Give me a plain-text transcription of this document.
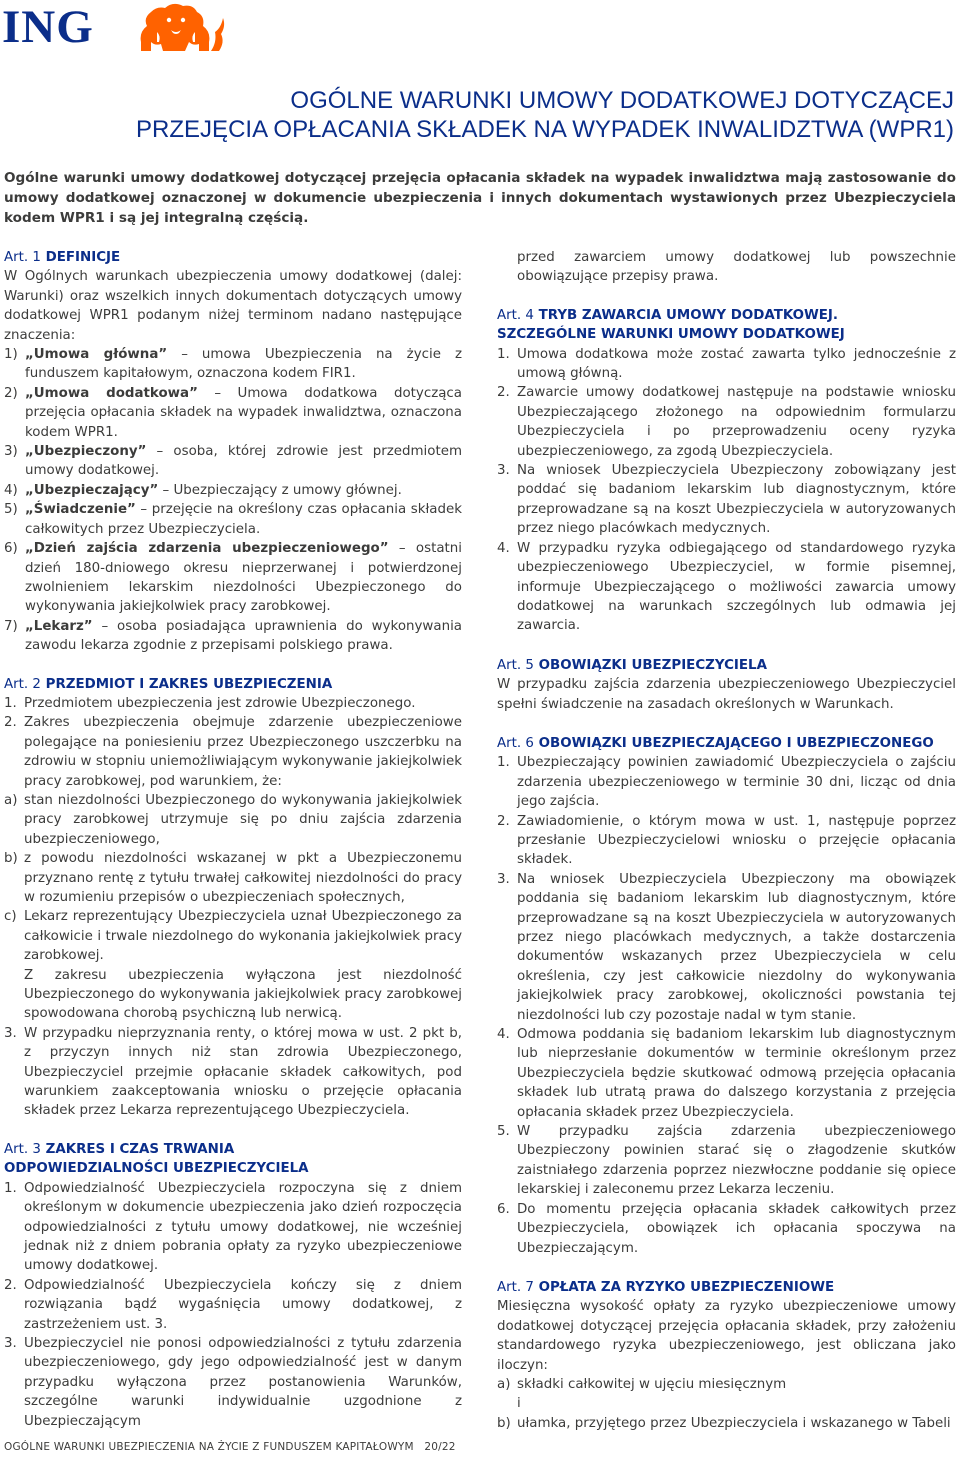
ING
OGÓLNE WARUNKI UMOWY DODATKOWEJ DOTYCZĄCEJ
PRZEJĘCIA OPŁACANIA SKŁADEK NA WYPADEK INWALIDZTWA (WPR1)

Ogólne warunki umowy dodatkowej dotyczącej przejęcia opłacania składek na wypadek inwalidztwa mają zastosowanie do umowy dodatkowej oznaczonej w dokumencie ubezpieczenia i innych dokumentach wystawionych przez Ubezpieczyciela kodem WPR1 i są jej integralną częścią.

Art. 1 DEFINICJE

W Ogólnych warunkach ubezpieczenia umowy dodatkowej (dalej: Warunki) oraz wszelkich innych dokumentach dotyczących umowy dodatkowej WPR1 podanym niżej terminom nadano następujące znaczenia:

1) „Umowa główna” – umowa Ubezpieczenia na życie z funduszem kapitałowym, oznaczona kodem FIR1.
2) „Umowa dodatkowa” – Umowa dodatkowa dotycząca przejęcia opłacania składek na wypadek inwalidztwa, oznaczona kodem WPR1.
3) „Ubezpieczony” – osoba, której zdrowie jest przedmiotem umowy dodatkowej.
4) „Ubezpieczający” – Ubezpieczający z umowy głównej.
5) „Świadczenie” – przejęcie na określony czas opłacania składek całkowitych przez Ubezpieczyciela.
6) „Dzień zajścia zdarzenia ubezpieczeniowego” – ostatni dzień 180-dniowego okresu nieprzerwanej i potwierdzonej zwolnieniem lekarskim niezdolności Ubezpieczonego do wykonywania jakiejkolwiek pracy zarobkowej.
7) „Lekarz” – osoba posiadająca uprawnienia do wykonywania zawodu lekarza zgodnie z przepisami polskiego prawa.
Art. 2 PRZEDMIOT I ZAKRES UBEZPIECZENIA
1. Przedmiotem ubezpieczenia jest zdrowie Ubezpieczonego.
2. Zakres ubezpieczenia obejmuje zdarzenie ubezpieczeniowe polegające na poniesieniu przez Ubezpieczonego uszczerbku na zdrowiu w stopniu uniemożliwiającym wykonywanie jakiejkolwiek pracy zarobkowej, pod warunkiem, że:
a) stan niezdolności Ubezpieczonego do wykonywania jakiejkolwiek pracy zarobkowej utrzymuje się po dniu zajścia zdarzenia ubezpieczeniowego,
b) z powodu niezdolności wskazanej w pkt a Ubezpieczonemu przyznano rentę z tytułu trwałej całkowitej niezdolności do pracy w rozumieniu przepisów o ubezpieczeniach społecznych,
c) Lekarz reprezentujący Ubezpieczyciela uznał Ubezpieczonego za całkowicie i trwale niezdolnego do wykonania jakiejkolwiek pracy zarobkowej.
Z zakresu ubezpieczenia wyłączona jest niezdolność Ubezpieczonego do wykonywania jakiejkolwiek pracy zarobkowej spowodowana chorobą psychiczną lub nerwicą.
3. W przypadku nieprzyznania renty, o której mowa w ust. 2 pkt b, z przyczyn innych niż stan zdrowia Ubezpieczonego, Ubezpieczyciel przejmie opłacanie składek całkowitych, pod warunkiem zaakceptowania wniosku o przejęcie opłacania składek przez Lekarza reprezentującego Ubezpieczyciela.
Art. 3 ZAKRES I CZAS TRWANIA
ODPOWIEDZIALNOŚCI UBEZPIECZYCIELA
1. Odpowiedzialność Ubezpieczyciela rozpoczyna się z dniem określonym w dokumencie ubezpieczenia jako dzień rozpoczęcia odpowiedzialności z tytułu umowy dodatkowej, nie wcześniej jednak niż z dniem pobrania opłaty za ryzyko ubezpieczeniowe umowy dodatkowej.
2. Odpowiedzialność Ubezpieczyciela kończy się z dniem rozwiązania bądź wygaśnięcia umowy dodatkowej, z zastrzeżeniem ust. 3.
3. Ubezpieczyciel nie ponosi odpowiedzialności z tytułu zdarzenia ubezpieczeniowego, gdy jego odpowiedzialność jest w danym przypadku wyłączona przez postanowienia Warunków, szczególne warunki indywidualnie uzgodnione z Ubezpieczającym
przed zawarciem umowy dodatkowej lub powszechnie obowiązujące przepisy prawa.
Art. 4 TRYB ZAWARCIA UMOWY DODATKOWEJ.
SZCZEGÓLNE WARUNKI UMOWY DODATKOWEJ
1. Umowa dodatkowa może zostać zawarta tylko jednocześnie z umową główną.
2. Zawarcie umowy dodatkowej następuje na podstawie wniosku Ubezpieczającego złożonego na odpowiednim formularzu Ubezpieczyciela i po przeprowadzeniu oceny ryzyka ubezpieczeniowego, za zgodą Ubezpieczyciela.
3. Na wniosek Ubezpieczyciela Ubezpieczony zobowiązany jest poddać się badaniom lekarskim lub diagnostycznym, które przeprowadzane są na koszt Ubezpieczyciela w autoryzowanych przez niego placówkach medycznych.
4. W przypadku ryzyka odbiegającego od standardowego ryzyka ubezpieczeniowego Ubezpieczyciel, w formie pisemnej, informuje Ubezpieczającego o możliwości zawarcia umowy dodatkowej na warunkach szczególnych lub odmawia jej zawarcia.
Art. 5 OBOWIĄZKI UBEZPIECZYCIELA

W przypadku zajścia zdarzenia ubezpieczeniowego Ubezpieczyciel spełni świadczenie na zasadach określonych w Warunkach.

Art. 6 OBOWIĄZKI UBEZPIECZAJĄCEGO I UBEZPIECZONEGO
1. Ubezpieczający powinien zawiadomić Ubezpieczyciela o zajściu zdarzenia ubezpieczeniowego w terminie 30 dni, licząc od dnia jego zajścia.
2. Zawiadomienie, o którym mowa w ust. 1, następuje poprzez przesłanie Ubezpieczycielowi wniosku o przejęcie opłacania składek.
3. Na wniosek Ubezpieczyciela Ubezpieczony ma obowiązek poddania się badaniom lekarskim lub diagnostycznym, które przeprowadzane są na koszt Ubezpieczyciela w autoryzowanych przez niego placówkach medycznych, a także dostarczenia dokumentów wskazanych przez Ubezpieczyciela w celu określenia, czy jest całkowicie niezdolny do wykonywania jakiejkolwiek pracy zarobkowej, okoliczności powstania tej niezdolności lub czy pozostaje nadal w tym stanie.
4. Odmowa poddania się badaniom lekarskim lub diagnostycznym lub nieprzesłanie dokumentów w terminie określonym przez Ubezpieczyciela będzie skutkować odmową przejęcia opłacania składek lub utratą prawa do dalszego korzystania z przejęcia opłacania składek przez Ubezpieczyciela.
5. W przypadku zajścia zdarzenia ubezpieczeniowego Ubezpieczony powinien starać się o złagodzenie skutków zaistniałego zdarzenia poprzez niezwłoczne poddanie się opiece lekarskiej i zaleconemu przez Lekarza leczeniu.
6. Do momentu przejęcia opłacania składek całkowitych przez Ubezpieczyciela, obowiązek ich opłacania spoczywa na Ubezpieczającym.
Art. 7 OPŁATA ZA RYZYKO UBEZPIECZENIOWE

Miesięczna wysokość opłaty za ryzyko ubezpieczeniowe umowy dodatkowej dotyczącej przejęcia opłacania składek, przy założeniu standardowego ryzyka ubezpieczeniowego, jest obliczana jako iloczyn:

a) składki całkowitej w ujęciu miesięcznym
i
b) ułamka, przyjętego przez Ubezpieczyciela i wskazanego w Tabeli
OGÓLNE WARUNKI UBEZPIECZENIA NA ŻYCIE Z FUNDUSZEM KAPITAŁOWYM 20/22
